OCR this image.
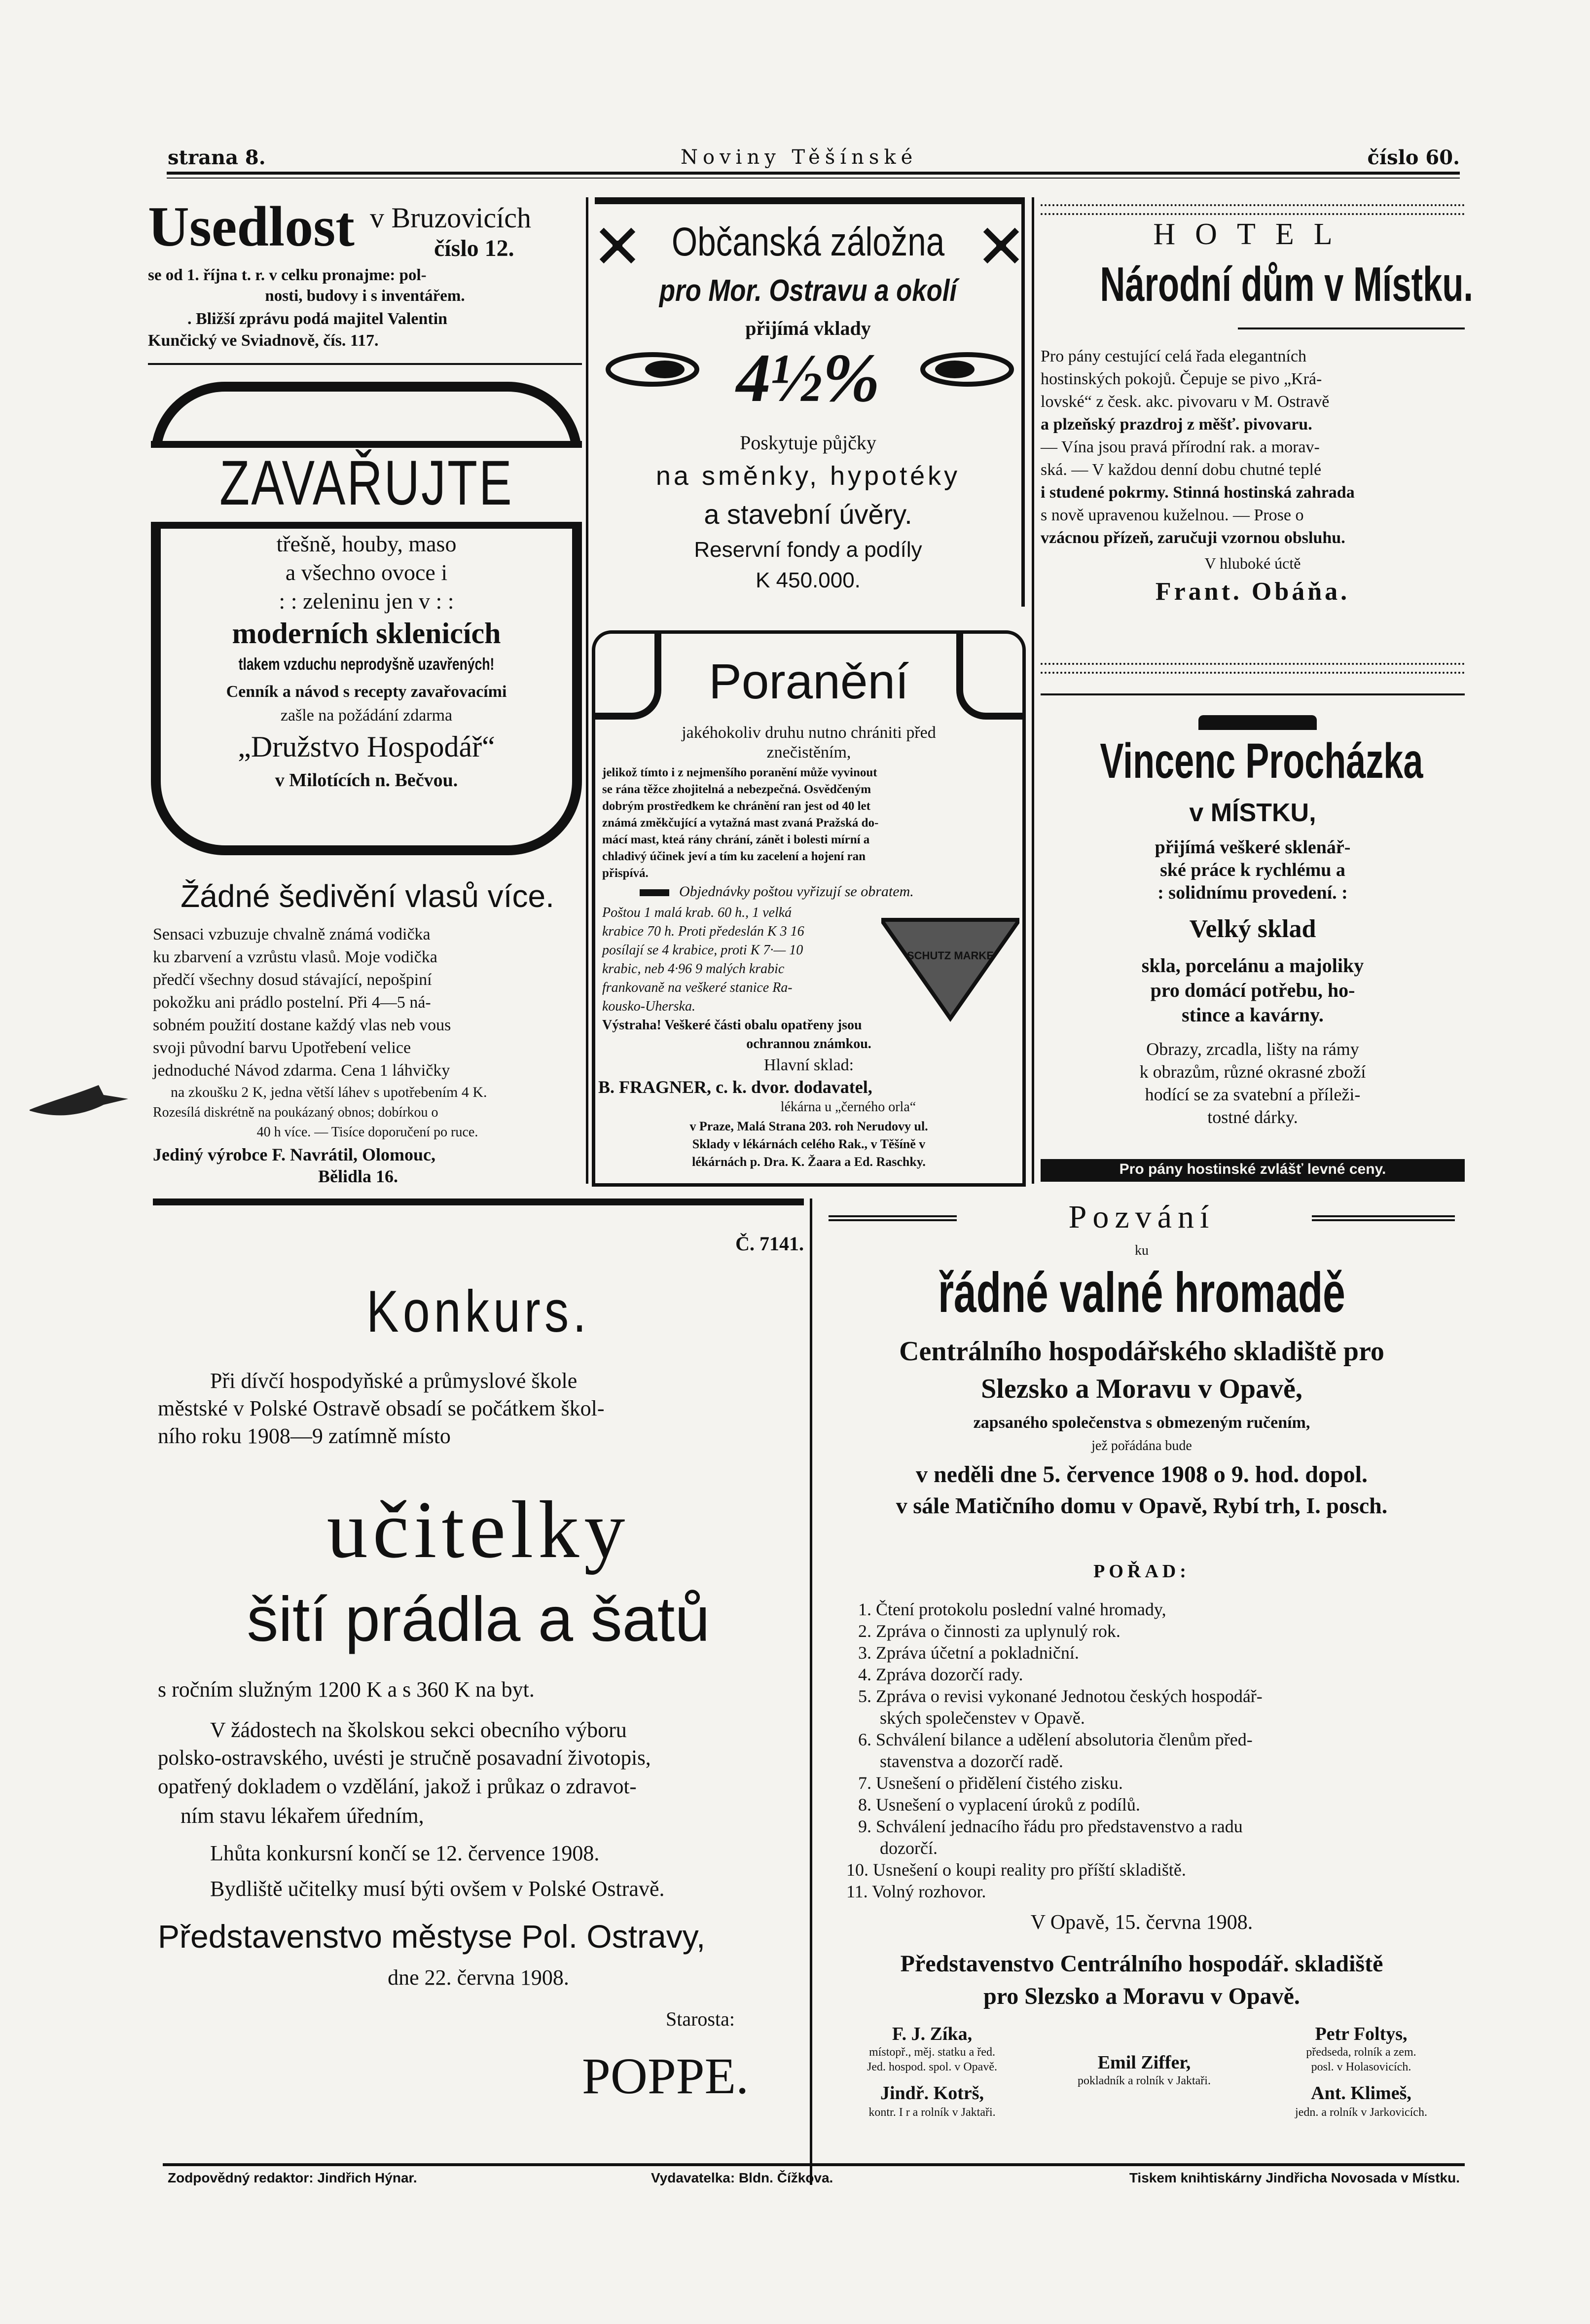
strana 8.	Noviny Těšínské	číslo 60.
Usedlost v Bruzovicích
číslo 12.
se od 1. října t. r. v celku pronajme: pol-
nosti, budovy i s inventářem.
. Bližší zprávu podá majitel Valentin
Kunčický ve Sviadnově, čís. 117.
ZAVAŘUJTE
třešně, houby, maso
a všechno ovoce i
: : zeleninu jen v : :
moderních sklenicích
tlakem vzduchu neprodyšně uzavřených!
Cenník a návod s recepty zavařovacími
zašle na požádání zdarma
„Družstvo Hospodář“
v Milotících n. Bečvou.
Žádné šedivění vlasů více.
Sensaci vzbuzuje chvalně známá vodička
ku zbarvení a vzrůstu vlasů. Moje vodička
předčí všechny dosud stávající, nepošpiní
pokožku ani prádlo postelní. Při 4—5 ná-
sobném použití dostane každý vlas neb vous
svoji původní barvu Upotřebení velice
jednoduché Návod zdarma. Cena 1 láhvičky
na zkoušku 2 K, jedna větší láhev s upotřebením 4 K.
Rozesílá diskrétně na poukázaný obnos; dobírkou o
40 h více. — Tisíce doporučení po ruce.
Jediný výrobce F. Navrátil, Olomouc,
Bělidla 16.
Občanská záložna
pro Mor. Ostravu a okolí
přijímá vklady
4½%
Poskytuje půjčky
na směnky, hypotéky
a stavební úvěry.
Reservní fondy a podíly
K 450.000.
Poranění
jakéhokoliv druhu nutno chrániti před
znečistěním,
jelikož tímto i z nejmenšího poranění může vyvinout
se rána těžce zhojitelná a nebezpečná. Osvědčeným
dobrým prostředkem ke chránění ran jest od 40 let
známá změkčující a vytažná mast zvaná Pražská do-
mácí mast, kteá rány chrání, zánět i bolesti mírní a
chladivý účinek jeví a tím ku zacelení a hojení ran
přispívá.
Objednávky poštou vyřizují se obratem.
Poštou 1 malá krab. 60 h., 1 velká
krabice 70 h. Proti předeslán K 3 16
posílají se 4 krabice, proti K 7·— 10
krabic, neb 4·96 9 malých krabic
frankovaně na veškeré stanice Ra-
kousko-Uherska.
SCHUTZ MARKE
Výstraha! Veškeré části obalu opatřeny jsou
ochrannou známkou.
Hlavní sklad:
B. FRAGNER, c. k. dvor. dodavatel,
lékárna u „černého orla“
v Praze, Malá Strana 203. roh Nerudovy ul.
Sklady v lékárnách celého Rak., v Těšíně v
lékárnách p. Dra. K. Žaara a Ed. Raschky.
HOTEL
Národní dům v Místku.
Pro pány cestující celá řada elegantních
hostinských pokojů. Čepuje se pivo „Krá-
lovské“ z česk. akc. pivovaru v M. Ostravě
a plzeňský prazdroj z měšť. pivovaru.
— Vína jsou pravá přírodní rak. a morav-
ská. — V každou denní dobu chutné teplé
i studené pokrmy. Stinná hostinská zahrada
s nově upravenou kuželnou. — Prose o
vzácnou přízeň, zaručuji vzornou obsluhu.
V hluboké úctě
Frant. Obáňa.
Vincenc Procházka
v MÍSTKU,
přijímá veškeré sklenář-
ské práce k rychlému a
: solidnímu provedení. :
Velký sklad
skla, porcelánu a majoliky
pro domácí potřebu, ho-
stince a kavárny.
Obrazy, zrcadla, lišty na rámy
k obrazům, různé okrasné zboží
hodící se za svatební a příleži-
tostné dárky.
Pro pány hostinské zvlášť levné ceny.
Č. 7141.
Konkurs.
Při dívčí hospodyňské a průmyslové škole
městské v Polské Ostravě obsadí se počátkem škol-
ního roku 1908—9 zatímně místo
učitelky
šití prádla a šatů
s ročním služným 1200 K a s 360 K na byt.
V žádostech na školskou sekci obecního výboru
polsko-ostravského, uvésti je stručně posavadní životopis,
opatřený dokladem o vzdělání, jakož i průkaz o zdravot-
ním stavu lékařem úředním,
Lhůta konkursní končí se 12. července 1908.
Bydliště učitelky musí býti ovšem v Polské Ostravě.
Představenstvo městyse Pol. Ostravy,
dne 22. června 1908.
Starosta:
POPPE.
Pozvání
ku
řádné valné hromadě
Centrálního hospodářského skladiště pro
Slezsko a Moravu v Opavě,
zapsaného společenstva s obmezeným ručením,
jež pořádána bude
v neděli dne 5. července 1908 o 9. hod. dopol.
v sále Matičního domu v Opavě, Rybí trh, I. posch.
POŘAD:
1. Čtení protokolu poslední valné hromady,
2. Zpráva o činnosti za uplynulý rok.
3. Zpráva účetní a pokladniční.
4. Zpráva dozorčí rady.
5. Zpráva o revisi vykonané Jednotou českých hospodář-
ských společenstev v Opavě.
6. Schválení bilance a udělení absolutoria členům před-
stavenstva a dozorčí radě.
7. Usnešení o přidělení čistého zisku.
8. Usnešení o vyplacení úroků z podílů.
9. Schválení jednacího řádu pro představenstvo a radu
dozorčí.
10. Usnešení o koupi reality pro příští skladiště.
11. Volný rozhovor.
V Opavě, 15. června 1908.
Představenstvo Centrálního hospodář. skladiště
pro Slezsko a Moravu v Opavě.
F. J. Zíka,
místopř., měj. statku a řed.
Jed. hospod. spol. v Opavě.
Jindř. Kotrš,
kontr. I r a rolník v Jaktaři.
Emil Ziffer,
pokladník a rolník v Jaktaři.
Petr Foltys,
předseda, rolník a zem.
posl. v Holasovicích.
Ant. Klimeš,
jedn. a rolník v Jarkovicích.
Zodpovědný redaktor: Jindřich Hýnar.	Vydavatelka: Bldn. Čížkova.	Tiskem knihtiskárny Jindřicha Novosada v Místku.
